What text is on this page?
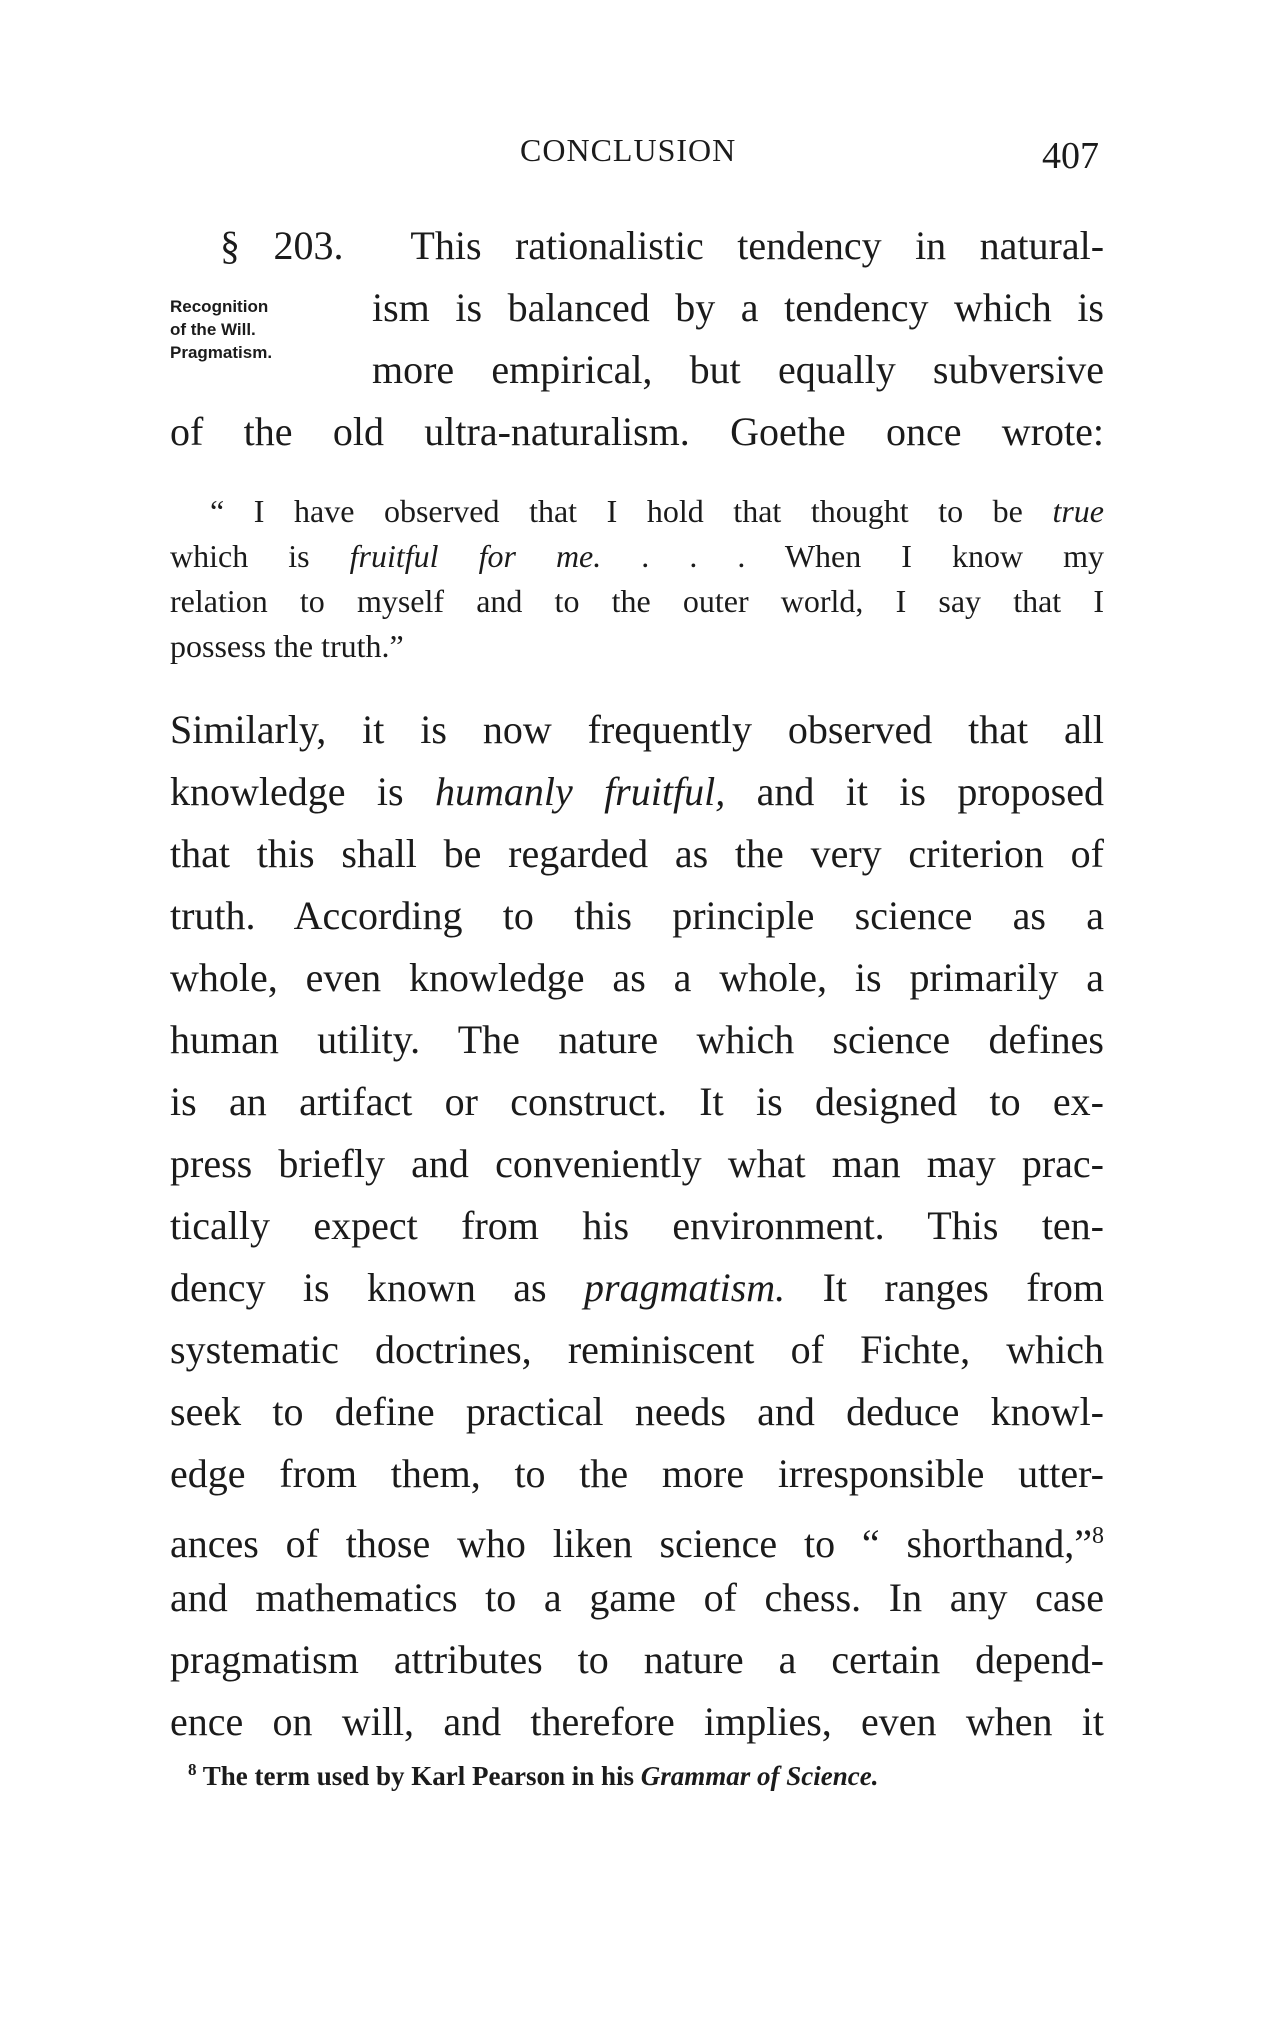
CONCLUSION	407
§ 203. This rationalistic tendency in natural-
Recognition
of the Will.
Pragmatism.
ism is balanced by a tendency which is
more empirical, but equally subversive
of the old ultra-naturalism. Goethe once wrote:
“ I have observed that I hold that thought to be true
which is fruitful for me. . . . When I know my
relation to myself and to the outer world, I say that I
possess the truth.”
Similarly, it is now frequently observed that all
knowledge is humanly fruitful, and it is proposed
that this shall be regarded as the very criterion of
truth. According to this principle science as a
whole, even knowledge as a whole, is primarily a
human utility. The nature which science defines
is an artifact or construct. It is designed to ex-
press briefly and conveniently what man may prac-
tically expect from his environment. This ten-
dency is known as pragmatism. It ranges from
systematic doctrines, reminiscent of Fichte, which
seek to define practical needs and deduce knowl-
edge from them, to the more irresponsible utter-
ances of those who liken science to “ shorthand,”$^8$
and mathematics to a game of chess. In any case
pragmatism attributes to nature a certain depend-
ence on will, and therefore implies, even when it
$^8$ The term used by Karl Pearson in his Grammar of Science.
